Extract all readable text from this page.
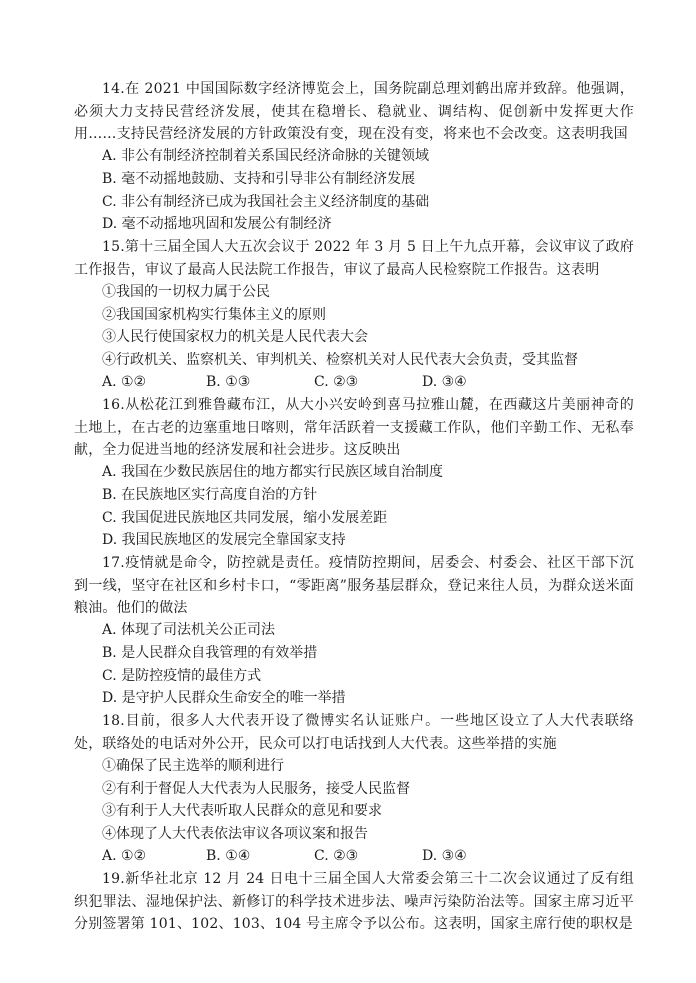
14.在 2021 中国国际数字经济博览会上，国务院副总理刘鹤出席并致辞。他强调，必须大力支持民营经济发展，使其在稳增长、稳就业、调结构、促创新中发挥更大作用……支持民营经济发展的方针政策没有变，现在没有变，将来也不会改变。这表明我国
A. 非公有制经济控制着关系国民经济命脉的关键领域
B. 毫不动摇地鼓励、支持和引导非公有制经济发展
C. 非公有制经济已成为我国社会主义经济制度的基础
D. 毫不动摇地巩固和发展公有制经济
15.第十三届全国人大五次会议于 2022 年 3 月 5 日上午九点开幕，会议审议了政府工作报告，审议了最高人民法院工作报告，审议了最高人民检察院工作报告。这表明
①我国的一切权力属于公民
②我国国家机构实行集体主义的原则
③人民行使国家权力的机关是人民代表大会
④行政机关、监察机关、审判机关、检察机关对人民代表大会负责，受其监督
A. ①②	B. ①③	C. ②③	D. ③④
16.从松花江到雅鲁藏布江，从大小兴安岭到喜马拉雅山麓，在西藏这片美丽神奇的土地上，在古老的边塞重地日喀则，常年活跃着一支援藏工作队，他们辛勤工作、无私奉献，全力促进当地的经济发展和社会进步。这反映出
A. 我国在少数民族居住的地方都实行民族区域自治制度
B. 在民族地区实行高度自治的方针
C. 我国促进民族地区共同发展，缩小发展差距
D. 我国民族地区的发展完全靠国家支持
17.疫情就是命令，防控就是责任。疫情防控期间，居委会、村委会、社区干部下沉到一线，坚守在社区和乡村卡口，“零距离”服务基层群众，登记来往人员，为群众送米面粮油。他们的做法
A. 体现了司法机关公正司法
B. 是人民群众自我管理的有效举措
C. 是防控疫情的最佳方式
D. 是守护人民群众生命安全的唯一举措
18.目前，很多人大代表开设了微博实名认证账户。一些地区设立了人大代表联络处，联络处的电话对外公开，民众可以打电话找到人大代表。这些举措的实施
①确保了民主选举的顺利进行
②有利于督促人大代表为人民服务，接受人民监督
③有利于人大代表听取人民群众的意见和要求
④体现了人大代表依法审议各项议案和报告
A. ①②	B. ①④	C. ②③	D. ③④
19.新华社北京 12 月 24 日电十三届全国人大常委会第三十二次会议通过了反有组织犯罪法、湿地保护法、新修订的科学技术进步法、噪声污染防治法等。国家主席习近平分别签署第 101、102、103、104 号主席令予以公布。这表明，国家主席行使的职权是
